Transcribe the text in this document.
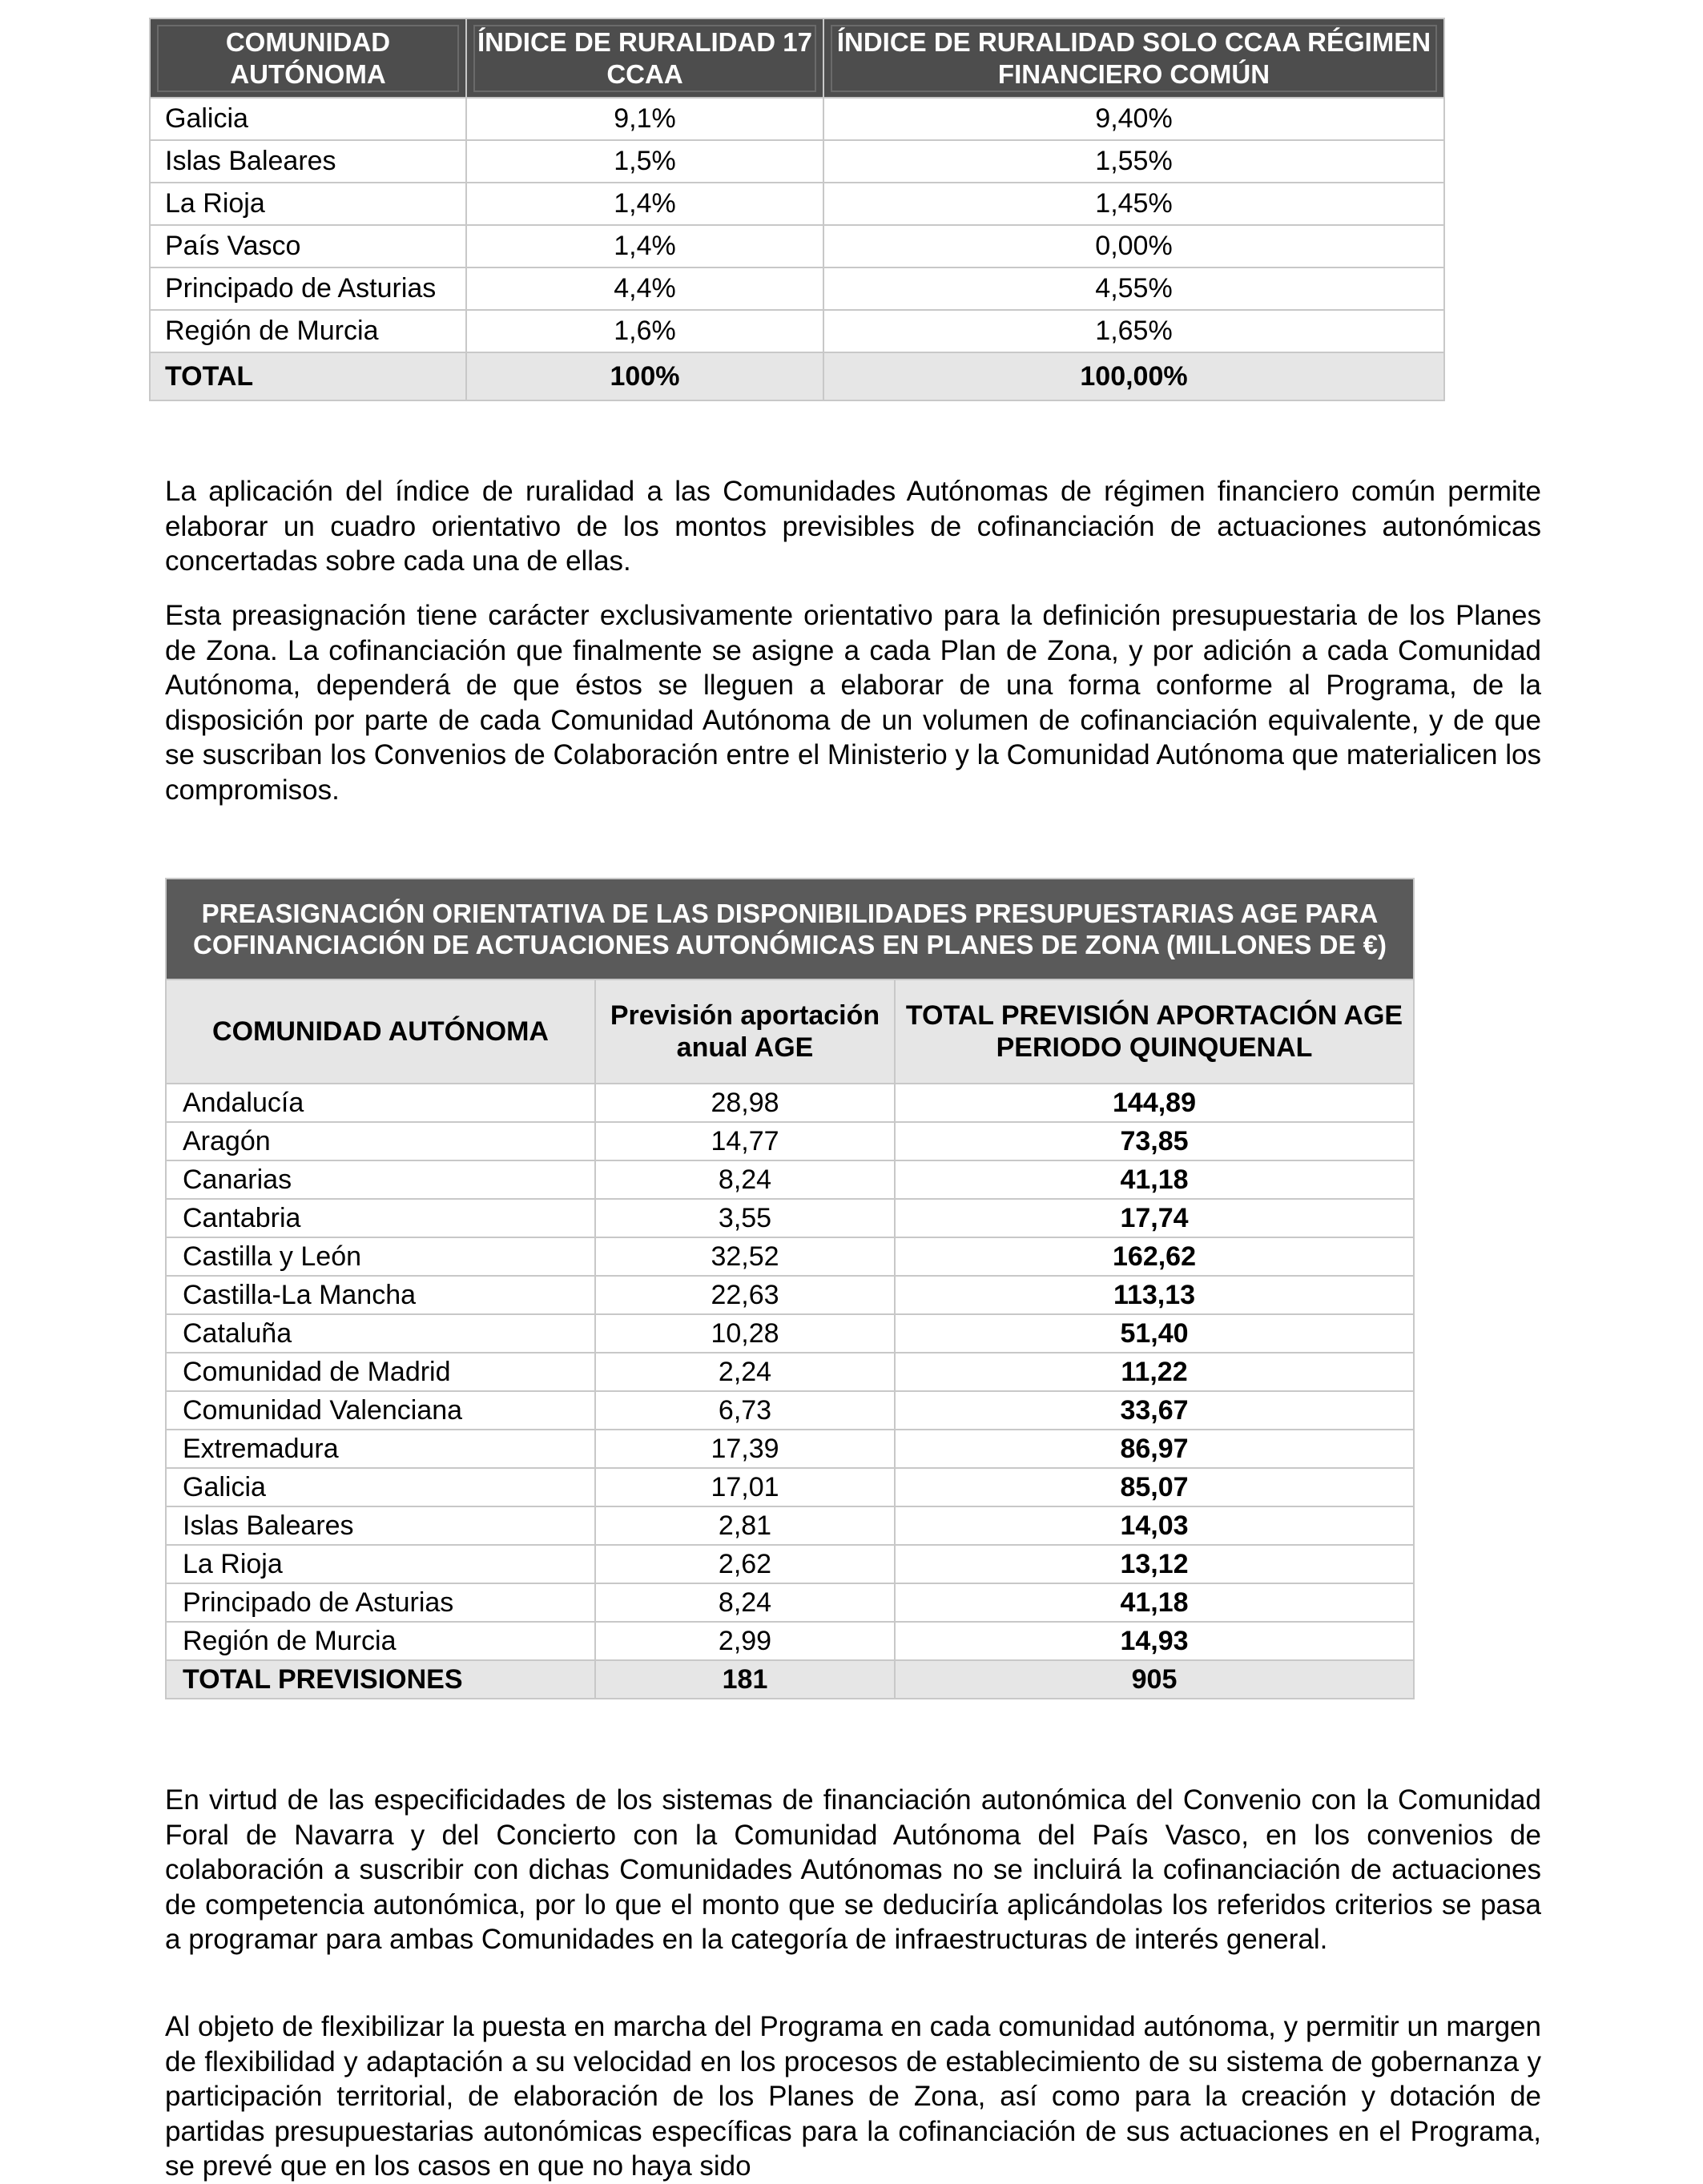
COMUNIDAD AUTÓNOMA	ÍNDICE DE RURALIDAD 17 CCAA	ÍNDICE DE RURALIDAD SOLO CCAA RÉGIMEN FINANCIERO COMÚN

Galicia	9,1%	9,40%
Islas Baleares	1,5%	1,55%
La Rioja	1,4%	1,45%
País Vasco	1,4%	0,00%
Principado de Asturias	4,4%	4,55%
Región de Murcia	1,6%	1,65%
TOTAL	100%	100,00%

La aplicación del índice de ruralidad a las Comunidades Autónomas de régimen financiero común permite elaborar un cuadro orientativo de los montos previsibles de cofinanciación de actuaciones autonómicas concertadas sobre cada una de ellas.

Esta preasignación tiene carácter exclusivamente orientativo para la definición presupuestaria de los Planes de Zona. La cofinanciación que finalmente se asigne a cada Plan de Zona, y por adición a cada Comunidad Autónoma, dependerá de que éstos se lleguen a elaborar de una forma conforme al Programa, de la disposición por parte de cada Comunidad Autónoma de un volumen de cofinanciación equivalente, y de que se suscriban los Convenios de Colaboración entre el Ministerio y la Comunidad Autónoma que materialicen los compromisos.

PREASIGNACIÓN ORIENTATIVA DE LAS DISPONIBILIDADES PRESUPUESTARIAS AGE PARA COFINANCIACIÓN DE ACTUACIONES AUTONÓMICAS EN PLANES DE ZONA (MILLONES DE €)		
COMUNIDAD AUTÓNOMA	Previsión aportación anual AGE	TOTAL PREVISIÓN APORTACIÓN AGE PERIODO QUINQUENAL
Andalucía	28,98	144,89
Aragón	14,77	73,85
Canarias	8,24	41,18
Cantabria	3,55	17,74
Castilla y León	32,52	162,62
Castilla-La Mancha	22,63	113,13
Cataluña	10,28	51,40
Comunidad de Madrid	2,24	11,22
Comunidad Valenciana	6,73	33,67
Extremadura	17,39	86,97
Galicia	17,01	85,07
Islas Baleares	2,81	14,03
La Rioja	2,62	13,12
Principado de Asturias	8,24	41,18
Región de Murcia	2,99	14,93
TOTAL PREVISIONES	181	905

En virtud de las especificidades de los sistemas de financiación autonómica del Convenio con la Comunidad Foral de Navarra y del Concierto con la Comunidad Autónoma del País Vasco, en los convenios de colaboración a suscribir con dichas Comunidades Autónomas no se incluirá la cofinanciación de actuaciones de competencia autonómica, por lo que el monto que se deduciría aplicándolas los referidos criterios se pasa a programar para ambas Comunidades en la categoría de infraestructuras de interés general.

Al objeto de flexibilizar la puesta en marcha del Programa en cada comunidad autónoma, y permitir un margen de flexibilidad y adaptación a su velocidad en los procesos de establecimiento de su sistema de gobernanza y participación territorial, de elaboración de los Planes de Zona, así como para la creación y dotación de partidas presupuestarias autonómicas específicas para la cofinanciación de sus actuaciones en el Programa, se prevé que en los casos en que no haya sido
